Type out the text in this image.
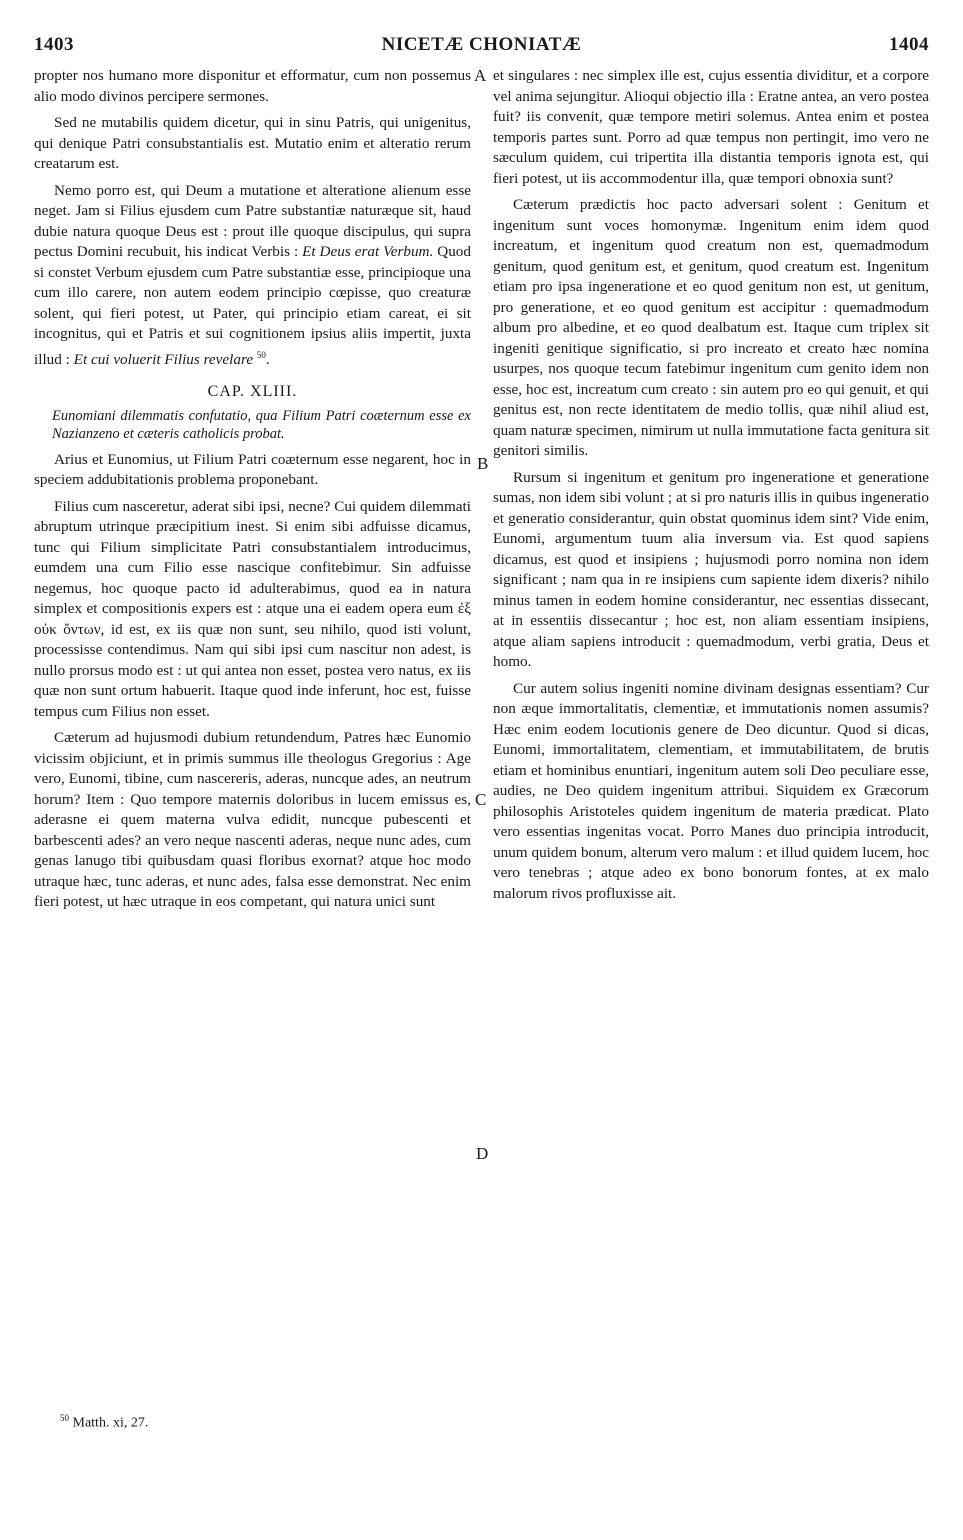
1403	NICETÆ CHONIATÆ	1404
A
B
C
D

propter nos humano more disponitur et efformatur, cum non possemus alio modo divinos percipere sermones.

Sed ne mutabilis quidem dicetur, qui in sinu Patris, qui unigenitus, qui denique Patri consubstantialis est. Mutatio enim et alteratio rerum creatarum est.

Nemo porro est, qui Deum a mutatione et alteratione alienum esse neget. Jam si Filius ejusdem cum Patre substantiæ naturæque sit, haud dubie natura quoque Deus est : prout ille quoque discipulus, qui supra pectus Domini recubuit, his indicat Verbis : Et Deus erat Verbum. Quod si constet Verbum ejusdem cum Patre substantiæ esse, principioque una cum illo carere, non autem eodem principio cœpisse, quo creaturæ solent, qui fieri potest, ut Pater, qui principio etiam careat, ei sit incognitus, qui et Patris et sui cognitionem ipsius aliis impertit, juxta illud : Et cui voluerit Filius revelare $^{50}$.

CAP. XLIII.

Eunomiani dilemmatis confutatio, qua Filium Patri coæternum esse ex Nazianzeno et cæteris catholicis probat.

Arius et Eunomius, ut Filium Patri coæternum esse negarent, hoc in speciem addubitationis problema proponebant.

Filius cum nasceretur, aderat sibi ipsi, necne? Cui quidem dilemmati abruptum utrinque præcipitium inest. Si enim sibi adfuisse dicamus, tunc qui Filium simplicitate Patri consubstantialem introducimus, eumdem una cum Filio esse nascique confitebimur. Sin adfuisse negemus, hoc quoque pacto id adulterabimus, quod ea in natura simplex et compositionis expers est : atque una ei eadem opera eum ἐξ οὐκ ὄντων, id est, ex iis quæ non sunt, seu nihilo, quod isti volunt, processisse contendimus. Nam qui sibi ipsi cum nascitur non adest, is nullo prorsus modo est : ut qui antea non esset, postea vero natus, ex iis quæ non sunt ortum habuerit. Itaque quod inde inferunt, hoc est, fuisse tempus cum Filius non esset.

Cæterum ad hujusmodi dubium retundendum, Patres hæc Eunomio vicissim objiciunt, et in primis summus ille theologus Gregorius : Age vero, Eunomi, tibine, cum nascereris, aderas, nuncque ades, an neutrum horum? Item : Quo tempore maternis doloribus in lucem emissus es, aderasne ei quem materna vulva edidit, nuncque pubescenti et barbescenti ades? an vero neque nascenti aderas, neque nunc ades, cum genas lanugo tibi quibusdam quasi floribus exornat? atque hoc modo utraque hæc, tunc aderas, et nunc ades, falsa esse demonstrat. Nec enim fieri potest, ut hæc utraque in eos competant, qui natura unici sunt

et singulares : nec simplex ille est, cujus essentia dividitur, et a corpore vel anima sejungitur. Alioqui objectio illa : Eratne antea, an vero postea fuit? iis convenit, quæ tempore metiri solemus. Antea enim et postea temporis partes sunt. Porro ad quæ tempus non pertingit, imo vero ne sæculum quidem, cui tripertita illa distantia temporis ignota est, qui fieri potest, ut iis accommodentur illa, quæ tempori obnoxia sunt?

Cæterum prædictis hoc pacto adversari solent : Genitum et ingenitum sunt voces homonymæ. Ingenitum enim idem quod increatum, et ingenitum quod creatum non est, quemadmodum genitum, quod genitum est, et genitum, quod creatum est. Ingenitum etiam pro ipsa ingeneratione et eo quod genitum non est, ut genitum, pro generatione, et eo quod genitum est accipitur : quemadmodum album pro albedine, et eo quod dealbatum est. Itaque cum triplex sit ingeniti genitique significatio, si pro increato et creato hæc nomina usurpes, nos quoque tecum fatebimur ingenitum cum genito idem non esse, hoc est, increatum cum creato : sin autem pro eo qui genuit, et qui genitus est, non recte identitatem de medio tollis, quæ nihil aliud est, quam naturæ specimen, nimirum ut nulla immutatione facta genitura sit genitori similis.

Rursum si ingenitum et genitum pro ingeneratione et generatione sumas, non idem sibi volunt ; at si pro naturis illis in quibus ingeneratio et generatio considerantur, quin obstat quominus idem sint? Vide enim, Eunomi, argumentum tuum alia inversum via. Est quod sapiens dicamus, est quod et insipiens ; hujusmodi porro nomina non idem significant ; nam qua in re insipiens cum sapiente idem dixeris? nihilo minus tamen in eodem homine considerantur, nec essentias dissecant, at in essentiis dissecantur ; hoc est, non aliam essentiam insipiens, atque aliam sapiens introducit : quemadmodum, verbi gratia, Deus et homo.

Cur autem solius ingeniti nomine divinam designas essentiam? Cur non æque immortalitatis, clementiæ, et immutationis nomen assumis? Hæc enim eodem locutionis genere de Deo dicuntur. Quod si dicas, Eunomi, immortalitatem, clementiam, et immutabilitatem, de brutis etiam et hominibus enuntiari, ingenitum autem soli Deo peculiare esse, audies, ne Deo quidem ingenitum attribui. Siquidem ex Græcorum philosophis Aristoteles quidem ingenitum de materia prædicat. Plato vero essentias ingenitas vocat. Porro Manes duo principia introducit, unum quidem bonum, alterum vero malum : et illud quidem lucem, hoc vero tenebras ; atque adeo ex bono bonorum fontes, at ex malo malorum rivos profluxisse ait.

$^{50}$ Matth. xi, 27.
